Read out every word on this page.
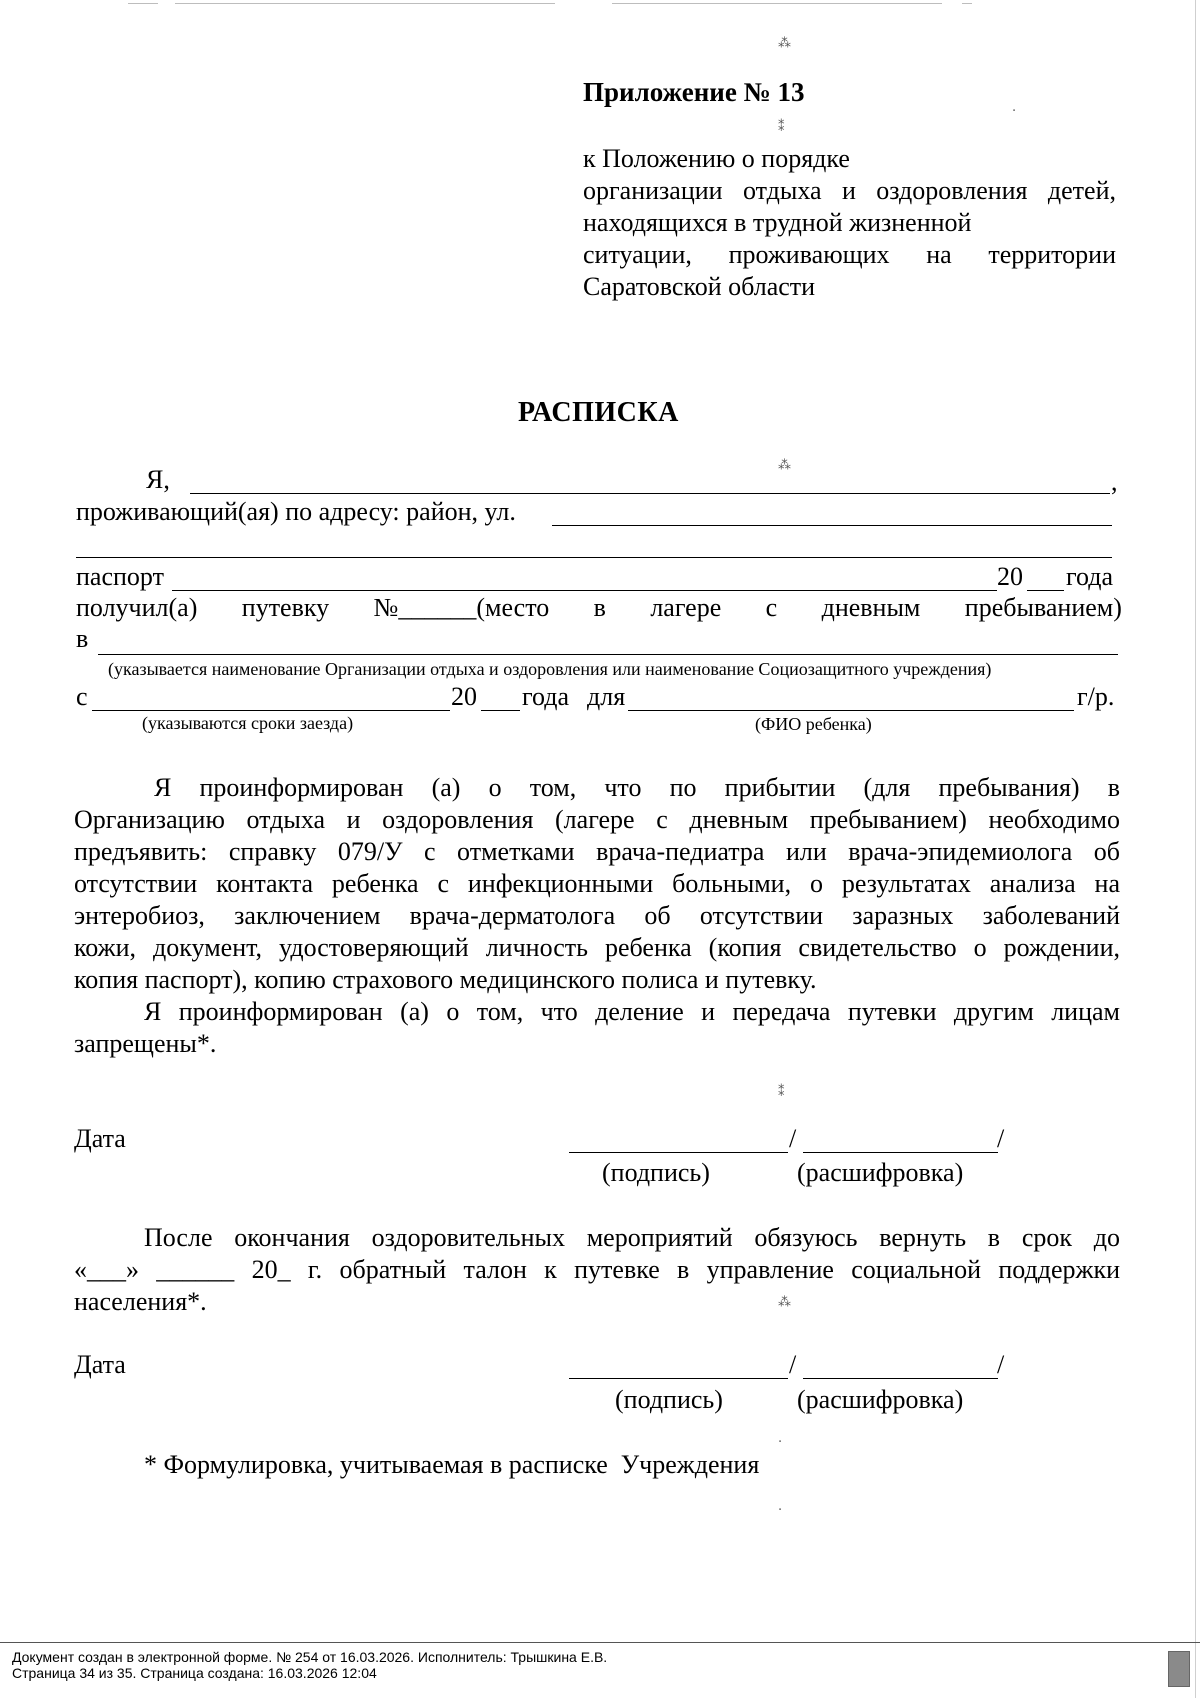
⁂
⁑
·
⁂
⁑
⁂
·
·
Приложение № 13
к Положению о порядке
организации отдыха и оздоровления детей,
находящихся в трудной жизненной
ситуации, проживающих на территории
Саратовской области
РАСПИСКА
Я,	,
проживающий(ая) по адресу: район, ул.
паспорт	20 года
получил(а) путевку №______(место в лагере с дневным пребыванием)
в
(указывается наименование Организации отдыха и оздоровления или наименование Социозащитного учреждения)
с	20 года для	г/р.
(указываются сроки заезда)	(ФИО ребенка)
Я проинформирован (а) о том, что по прибытии (для пребывания) в
Организацию отдыха и оздоровления (лагере с дневным пребыванием) необходимо
предъявить: справку 079/У с отметками врача-педиатра или врача-эпидемиолога об
отсутствии контакта ребенка с инфекционными больными, о результатах анализа на
энтеробиоз, заключением врача-дерматолога об отсутствии заразных заболеваний
кожи, документ, удостоверяющий личность ребенка (копия свидетельство о рождении,
копия паспорт), копию страхового медицинского полиса и путевку.
Я проинформирован (а) о том, что деление и передача путевки другим лицам
запрещены*.
Дата	/	/
(подпись)	(расшифровка)
После окончания оздоровительных мероприятий обязуюсь вернуть в срок до
«___» ______ 20_ г. обратный талон к путевке в управление социальной поддержки
населения*.
Дата	/	/
(подпись)	(расшифровка)
* Формулировка, учитываемая в расписке  Учреждения
Документ создан в электронной форме. № 254 от 16.03.2026. Исполнитель: Трышкина Е.В.
Страница 34 из 35. Страница создана: 16.03.2026 12:04
